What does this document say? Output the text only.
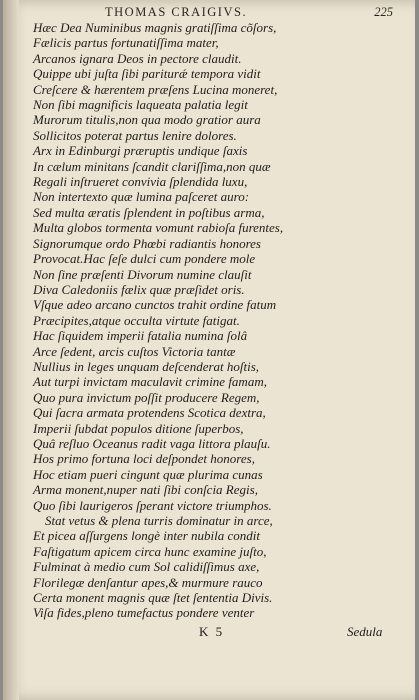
THOMAS CRAIGIVS.	225
Hæc Dea Numinibus magnis gratiſſima cõſors,
Fælicis partus fortunatiſſima mater,
Arcanos ignara Deos in pectore claudit.
Quippe ubi juſta ſibi pariturǽ tempora vidit
Creſcere & hærentem præſens Lucina moneret,
Non ſibi magnificis laqueata palatia legit
Murorum titulis,non qua modo gratior aura
Sollicitos poterat partus lenire dolores.
Arx in Edinburgi præruptis undique ſaxis
In cælum minitans ſcandit clariſſima,non quæ
Regali inſtrueret convivia ſplendida luxu,
Non intertexto quæ lumina paſceret auro:
Sed multa æratis ſplendent in poſtibus arma,
Multa globos tormenta vomunt rabioſa furentes,
Signorumque ordo Phœbi radiantis honores
Provocat.Hac ſeſe dulci cum pondere mole
Non ſine præſenti Divorum numine clauſit
Diva Caledoniis fælix quæ præſidet oris.
Vſque adeo arcano cunctos trahit ordine fatum
Præcipites,atque occulta virtute fatigat.
Hac ſiquidem imperii fatalia numina ſolâ
Arce ſedent, arcis cuſtos Victoria tantæ
Nullius in leges unquam deſcenderat hoſtis,
Aut turpi invictam maculavit crimine famam,
Quo pura invictum poſſit producere Regem,
Qui ſacra armata protendens Scotica dextra,
Imperii ſubdat populos ditione ſuperbos,
Quâ reſluo Oceanus radit vaga littora plauſu.
Hos primo fortuna loci deſpondet honores,
Hoc etiam pueri cingunt quæ plurima cunas
Arma monent,nuper nati ſibi conſcia Regis,
Quo ſibi laurigeros ſperant victore triumphos.
Stat vetus & plena turris dominatur in arce,
Et picea aſſurgens longè inter nubila condit
Faſtigatum apicem circa hunc examine juſto,
Fulminat à medio cum Sol calidiſſimus axe,
Florilegæ denſantur apes,& murmure rauco
Certa monent magnis quæ ſtet ſententia Divis.
Viſa fides,pleno tumefactus pondere venter
K 5	Sedula
